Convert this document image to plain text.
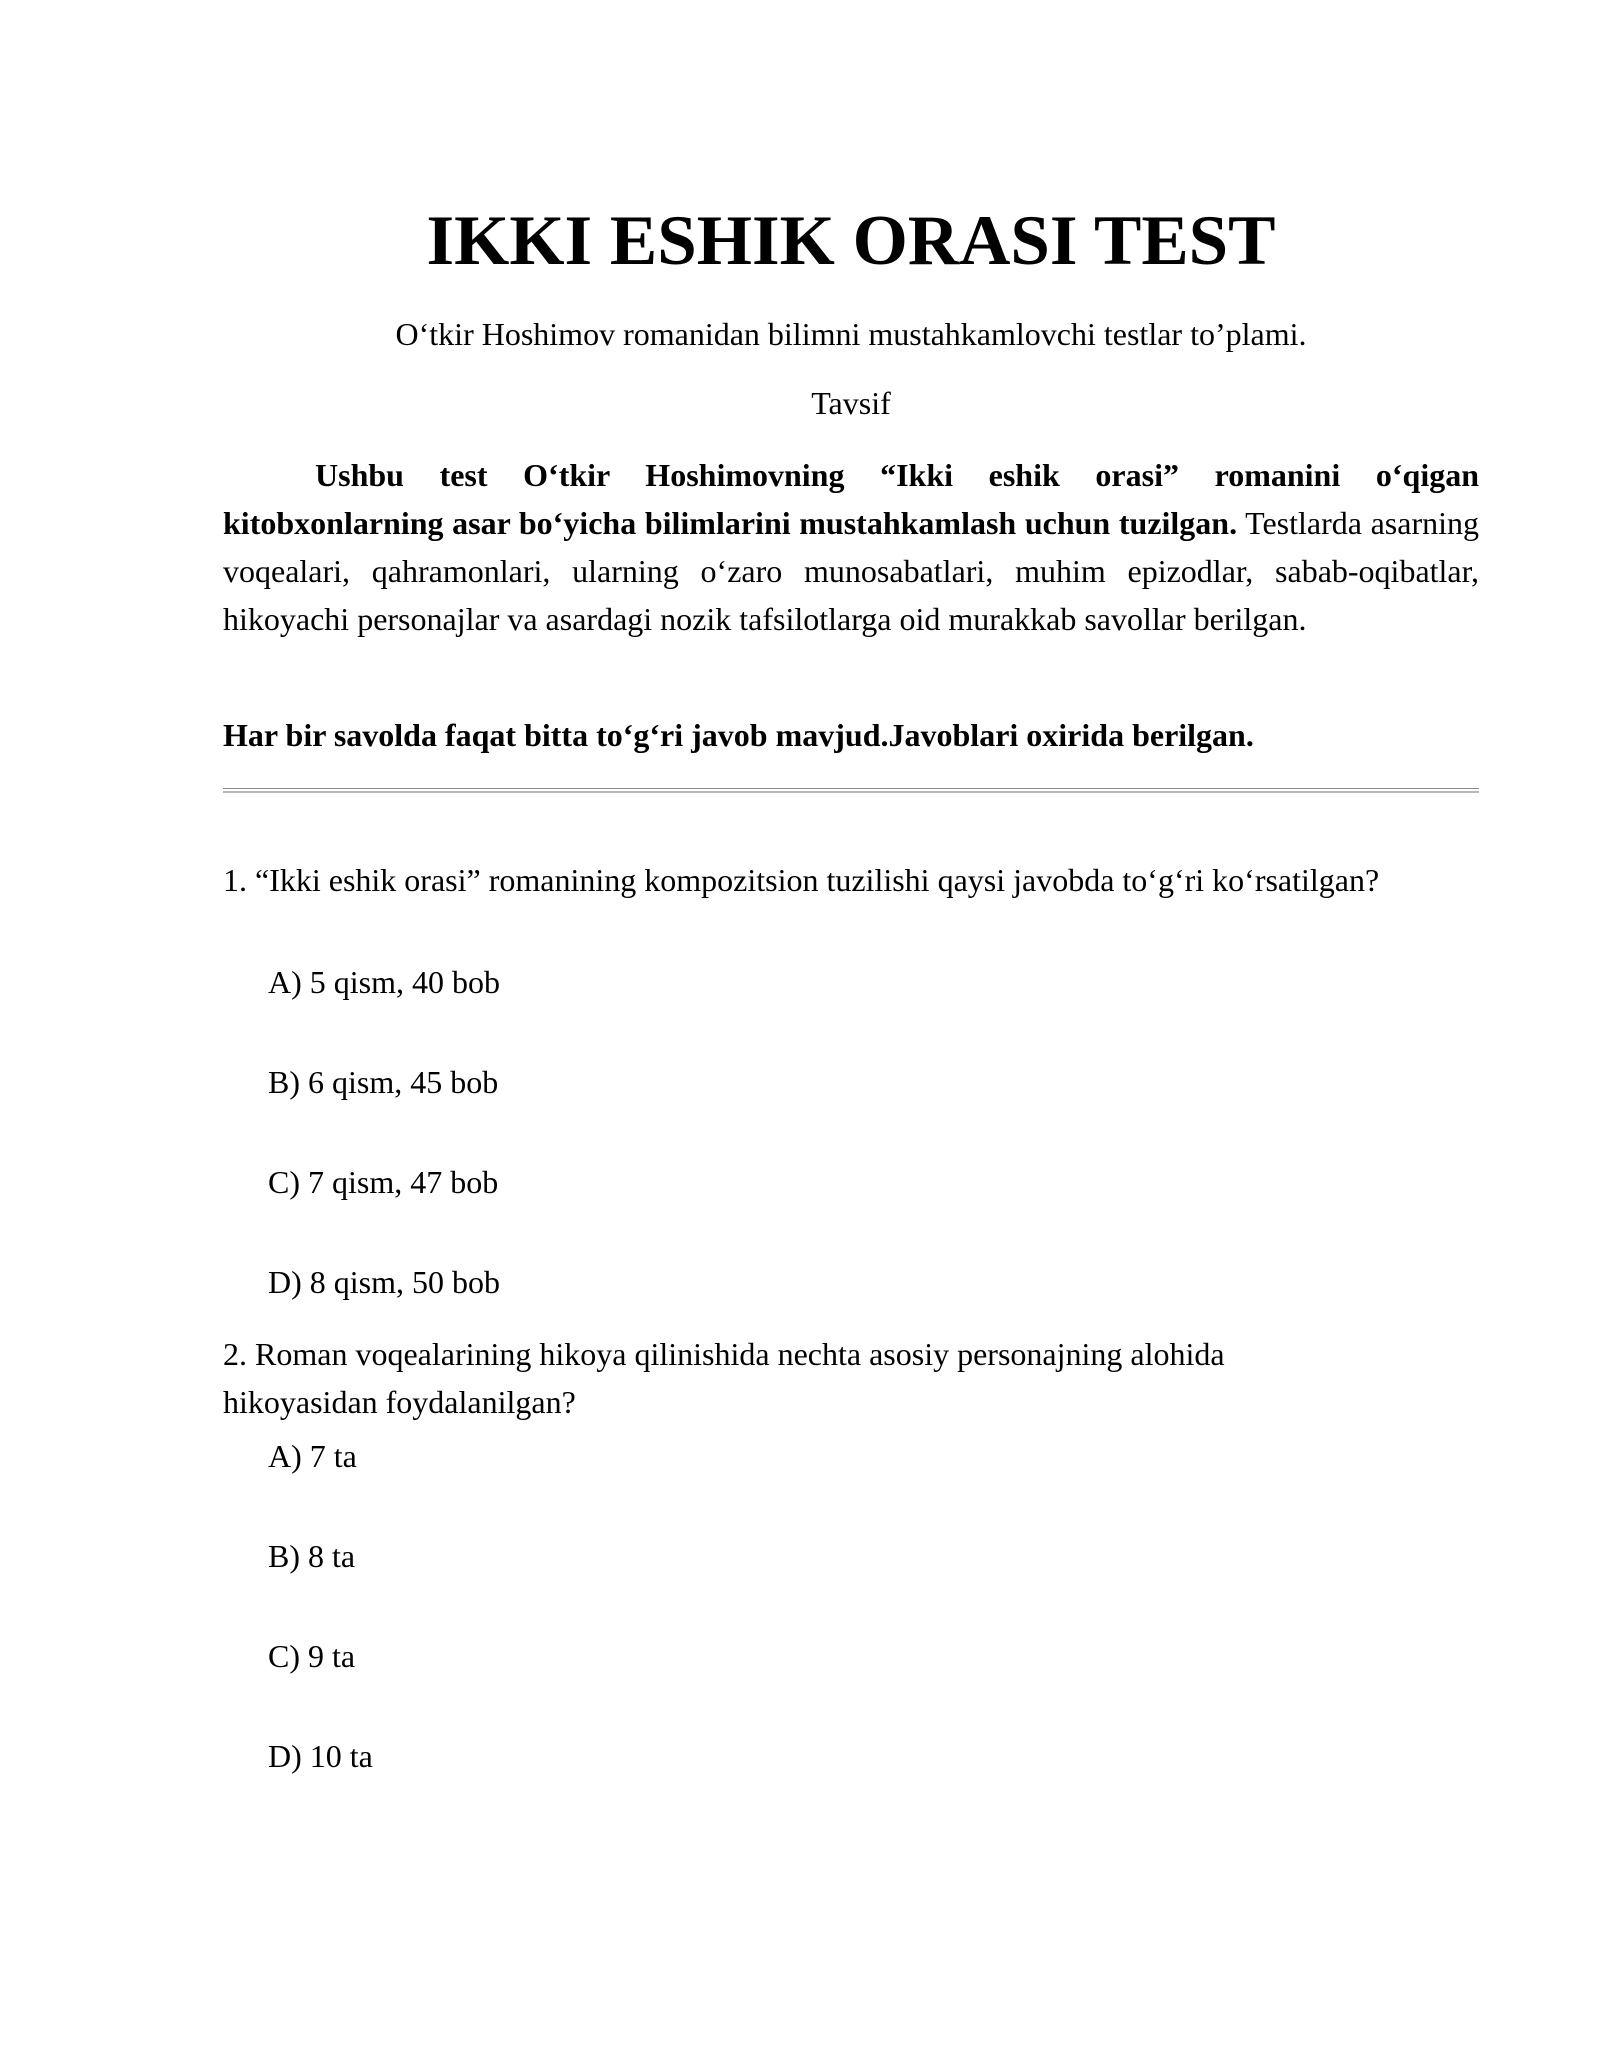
IKKI ESHIK ORASI TEST

O‘tkir Hoshimov romanidan bilimni mustahkamlovchi testlar to’plami.

Tavsif

Ushbu test O‘tkir Hoshimovning “Ikki eshik orasi” romanini o‘qigan kitobxonlarning asar bo‘yicha bilimlarini mustahkamlash uchun tuzilgan. Testlarda asarning voqealari, qahramonlari, ularning o‘zaro munosabatlari, muhim epizodlar, sabab-oqibatlar, hikoyachi personajlar va asardagi nozik tafsilotlarga oid murakkab savollar berilgan.

Har bir savolda faqat bitta to‘g‘ri javob mavjud.Javoblari oxirida berilgan.

1. “Ikki eshik orasi” romanining kompozitsion tuzilishi qaysi javobda to‘g‘ri ko‘rsatilgan?

A) 5 qism, 40 bob

B) 6 qism, 45 bob

C) 7 qism, 47 bob

D) 8 qism, 50 bob

2. Roman voqealarining hikoya qilinishida nechta asosiy personajning alohida hikoyasidan foydalanilgan?

A) 7 ta

B) 8 ta

C) 9 ta

D) 10 ta
